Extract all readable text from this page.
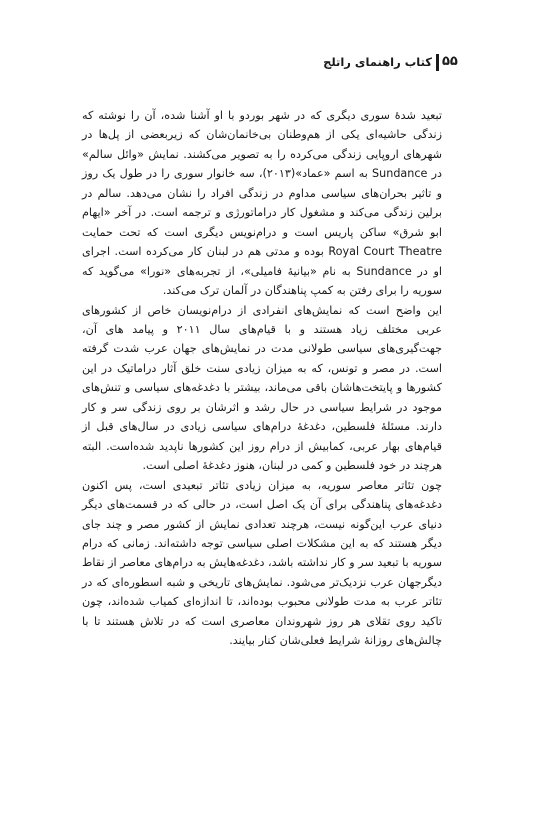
۵۵
کتاب راهنمای راتلج

تبعید شدهٔ سوری دیگری که در شهر بوردو با او آشنا شده، آن را نوشته که زندگی حاشیه‌ای یکی از هم‌وطنان بی‌خانمان‌شان که زیربعضی از پل‌ها در شهرهای اروپایی زندگی می‌کرده را به تصویر می‌کشند. نمایش «وائل سالم» در Sundance به اسم «عماد»(۲۰۱۳)، سه خانوار سوری را در طول یک روز و تاثیر بحران‌های سیاسی مداوم در زندگی افراد را نشان می‌دهد. سالم در برلین زندگی می‌کند و مشغول کار دراماتورژی و ترجمه است. در آخر «ایهام ابو شرق» ساکن پاریس است و درام‌نویس دیگری است که تحت حمایت Royal Court Theatre بوده و مدتی هم در لبنان کار می‌کرده است. اجرای او در Sundance به نام «بیانیهٔ فامیلی»، از تجربه‌های «نورا» می‌گوید که سوریه را برای رفتن به کمپ پناهندگان در آلمان ترک می‌کند.

این واضح است که نمایش‌های انفرادی از درام‌نویسان خاص از کشورهای عربی مختلف زیاد هستند و با قیام‌های سال ۲۰۱۱ و پیامد های آن، جهت‌گیری‌های سیاسی طولانی مدت در نمایش‌های جهان عرب شدت گرفته است. در مصر و تونس، که به میزان زیادی سنت خلق آثار دراماتیک در این کشورها و پایتخت‌هاشان باقی می‌ماند، بیشتر با دغدغه‌های سیاسی و تنش‌های موجود در شرایط سیاسی در حال رشد و اثرشان بر روی زندگی سر و کار دارند. مسئلهٔ فلسطین، دغدغهٔ درام‌های سیاسی زیادی در سال‌های قبل از قیام‌های بهار عربی، کمابیش از درام روز این کشورها ناپدید شده‌است. البته هرچند در خود فلسطین و کمی در لبنان، هنوز دغدغهٔ اصلی است.

چون تئاتر معاصر سوریه، به میزان زیادی تئاتر تبعیدی است، پس اکنون دغدغه‌های پناهندگی برای آن یک اصل است، در حالی که در قسمت‌های دیگر دنیای عرب این‌گونه نیست، هرچند تعدادی نمایش از کشور مصر و چند جای دیگر هستند که به این مشکلات اصلی سیاسی توجه داشته‌اند. زمانی که درام سوریه با تبعید سر و کار نداشته باشد، دغدغه‌هایش به درام‌های معاصر از نقاط دیگرجهان عرب نزدیک‌تر می‌شود. نمایش‌های تاریخی و شبه اسطوره‌ای که در تئاتر عرب به مدت طولانی محبوب بوده‌اند، تا اندازه‌ای کمیاب شده‌اند، چون تاکید روی تقلای هر روز شهروندان معاصری است که در تلاش هستند تا با چالش‌های روزانهٔ شرایط فعلی‌شان کنار بیایند.
